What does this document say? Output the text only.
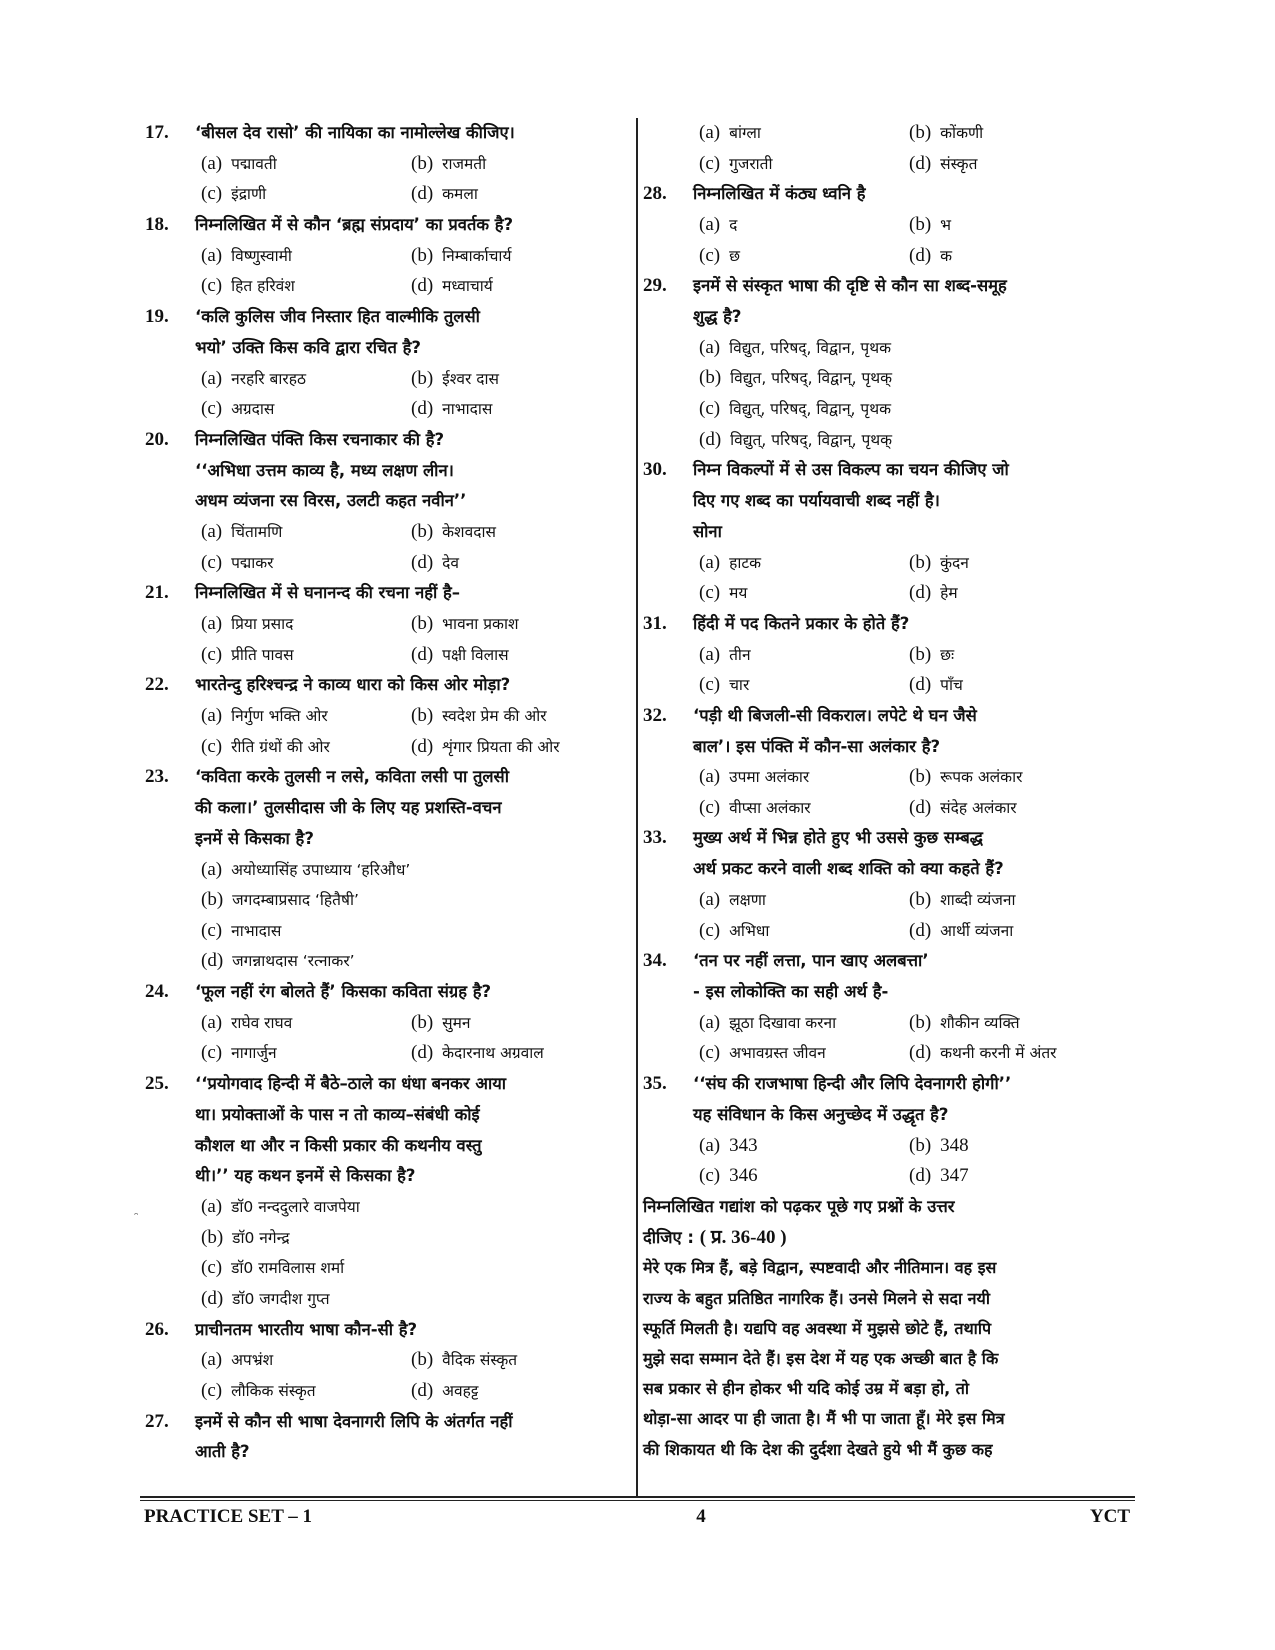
17.	‘बीसल देव रासो’ की नायिका का नामोल्लेख कीजिए।
(a) पद्मावती	(b) राजमती
(c) इंद्राणी	(d) कमला
18.	निम्नलिखित में से कौन ‘ब्रह्म संप्रदाय’ का प्रवर्तक है?
(a) विष्णुस्वामी	(b) निम्बार्काचार्य
(c) हित हरिवंश	(d) मध्वाचार्य
19.	‘कलि कुलिस जीव निस्तार हित वाल्मीकि तुलसी
भयो’ उक्ति किस कवि द्वारा रचित है?
(a) नरहरि बारहठ	(b) ईश्वर दास
(c) अग्रदास	(d) नाभादास
20.	निम्नलिखित पंक्ति किस रचनाकार की है?
‘‘अभिधा उत्तम काव्य है, मध्य लक्षण लीन।
अधम व्यंजना रस विरस, उलटी कहत नवीन’’
(a) चिंतामणि	(b) केशवदास
(c) पद्माकर	(d) देव
21.	निम्नलिखित में से घनानन्द की रचना नहीं है–
(a) प्रिया प्रसाद	(b) भावना प्रकाश
(c) प्रीति पावस	(d) पक्षी विलास
22.	भारतेन्दु हरिश्चन्द्र ने काव्य धारा को किस ओर मोड़ा?
(a) निर्गुण भक्ति ओर	(b) स्वदेश प्रेम की ओर
(c) रीति ग्रंथों की ओर	(d) शृंगार प्रियता की ओर
23.	‘कविता करके तुलसी न लसे, कविता लसी पा तुलसी
की कला।’ तुलसीदास जी के लिए यह प्रशस्ति-वचन
इनमें से किसका है?
(a) अयोध्यासिंह उपाध्याय ‘हरिऔध’
(b) जगदम्बाप्रसाद ‘हितैषी’
(c) नाभादास
(d) जगन्नाथदास ‘रत्नाकर’
24.	‘फूल नहीं रंग बोलते हैं’ किसका कविता संग्रह है?
(a) राघेव राघव	(b) सुमन
(c) नागार्जुन	(d) केदारनाथ अग्रवाल
25.	‘‘प्रयोगवाद हिन्दी में बैठे–ठाले का धंधा बनकर आया
था। प्रयोक्ताओं के पास न तो काव्य–संबंधी कोई
कौशल था और न किसी प्रकार की कथनीय वस्तु
थी।’’ यह कथन इनमें से किसका है?
(a) डॉ0 नन्ददुलारे वाजपेया
(b) डॉ0 नगेन्द्र
(c) डॉ0 रामविलास शर्मा
(d) डॉ0 जगदीश गुप्त
26.	प्राचीनतम भारतीय भाषा कौन-सी है?
(a) अपभ्रंश	(b) वैदिक संस्कृत
(c) लौकिक संस्कृत	(d) अवहट्ट
27.	इनमें से कौन सी भाषा देवनागरी लिपि के अंतर्गत नहीं
आती है?
(a) बांग्ला	(b) कोंकणी
(c) गुजराती	(d) संस्कृत
28.	निम्नलिखित में कंठ्य ध्वनि है
(a) द	(b) भ
(c) छ	(d) क
29.	इनमें से संस्कृत भाषा की दृष्टि से कौन सा शब्द-समूह
शुद्ध है?
(a) विद्युत, परिषद्, विद्वान, पृथक
(b) विद्युत, परिषद्, विद्वान्, पृथक्
(c) विद्युत्, परिषद्, विद्वान्, पृथक
(d) विद्युत्, परिषद्, विद्वान्, पृथक्
30.	निम्न विकल्पों में से उस विकल्प का चयन कीजिए जो
दिए गए शब्द का पर्यायवाची शब्द नहीं है।
सोना
(a) हाटक	(b) कुंदन
(c) मय	(d) हेम
31.	हिंदी में पद कितने प्रकार के होते हैं?
(a) तीन	(b) छः
(c) चार	(d) पाँच
32.	‘पड़ी थी बिजली-सी विकराल। लपेटे थे घन जैसे
बाल’। इस पंक्ति में कौन-सा अलंकार है?
(a) उपमा अलंकार	(b) रूपक अलंकार
(c) वीप्सा अलंकार	(d) संदेह अलंकार
33.	मुख्य अर्थ में भिन्न होते हुए भी उससे कुछ सम्बद्ध
अर्थ प्रकट करने वाली शब्द शक्ति को क्या कहते हैं?
(a) लक्षणा	(b) शाब्दी व्यंजना
(c) अभिधा	(d) आर्थी व्यंजना
34.	‘तन पर नहीं लत्ता, पान खाए अलबत्ता’
- इस लोकोक्ति का सही अर्थ है-
(a) झूठा दिखावा करना	(b) शौकीन व्यक्ति
(c) अभावग्रस्त जीवन	(d) कथनी करनी में अंतर
35.	‘‘संघ की राजभाषा हिन्दी और लिपि देवनागरी होगी’’
यह संविधान के किस अनुच्छेद में उद्धृत है?
(a) 343	(b) 348
(c) 346	(d) 347
निम्नलिखित गद्यांश को पढ़कर पूछे गए प्रश्नों के उत्तर
दीजिए : ( प्र. 36-40 )
मेरे एक मित्र हैं, बड़े विद्वान, स्पष्टवादी और नीतिमान। वह इस
राज्य के बहुत प्रतिष्ठित नागरिक हैं। उनसे मिलने से सदा नयी
स्फूर्ति मिलती है। यद्यपि वह अवस्था में मुझसे छोटे हैं, तथापि
मुझे सदा सम्मान देते हैं। इस देश में यह एक अच्छी बात है कि
सब प्रकार से हीन होकर भी यदि कोई उम्र में बड़ा हो, तो
थोड़ा-सा आदर पा ही जाता है। मैं भी पा जाता हूँ। मेरे इस मित्र
की शिकायत थी कि देश की दुर्दशा देखते हुये भी मैं कुछ कह
ᵔ
PRACTICE SET – 1	4	YCT
